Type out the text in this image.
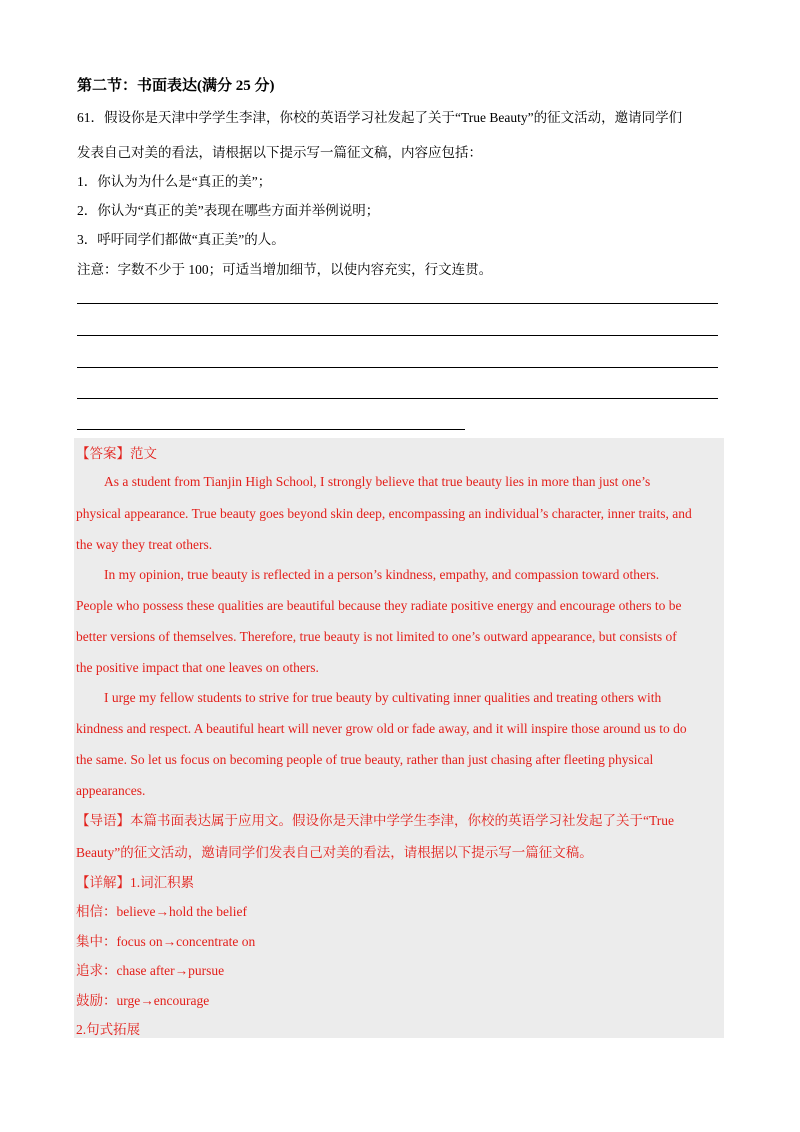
第二节：书面表达(满分 25 分)
61．假设你是天津中学学生李津，你校的英语学习社发起了关于“True Beauty”的征文活动，邀请同学们
发表自己对美的看法，请根据以下提示写一篇征文稿，内容应包括：
1．你认为为什么是“真正的美”；
2．你认为“真正的美”表现在哪些方面并举例说明；
3．呼吁同学们都做“真正美”的人。
注意：字数不少于 100；可适当增加细节，以使内容充实，行文连贯。
【答案】范文
As a student from Tianjin High School, I strongly believe that true beauty lies in more than just one’s
physical appearance. True beauty goes beyond skin deep, encompassing an individual’s character, inner traits, and
the way they treat others.
In my opinion, true beauty is reflected in a person’s kindness, empathy, and compassion toward others.
People who possess these qualities are beautiful because they radiate positive energy and encourage others to be
better versions of themselves. Therefore, true beauty is not limited to one’s outward appearance, but consists of
the positive impact that one leaves on others.
I urge my fellow students to strive for true beauty by cultivating inner qualities and treating others with
kindness and respect. A beautiful heart will never grow old or fade away, and it will inspire those around us to do
the same. So let us focus on becoming people of true beauty, rather than just chasing after fleeting physical
appearances.
【导语】本篇书面表达属于应用文。假设你是天津中学学生李津，你校的英语学习社发起了关于“True
Beauty”的征文活动，邀请同学们发表自己对美的看法，请根据以下提示写一篇征文稿。
【详解】1.词汇积累
相信：believe→hold the belief
集中：focus on→concentrate on
追求：chase after→pursue
鼓励：urge→encourage
2.句式拓展
